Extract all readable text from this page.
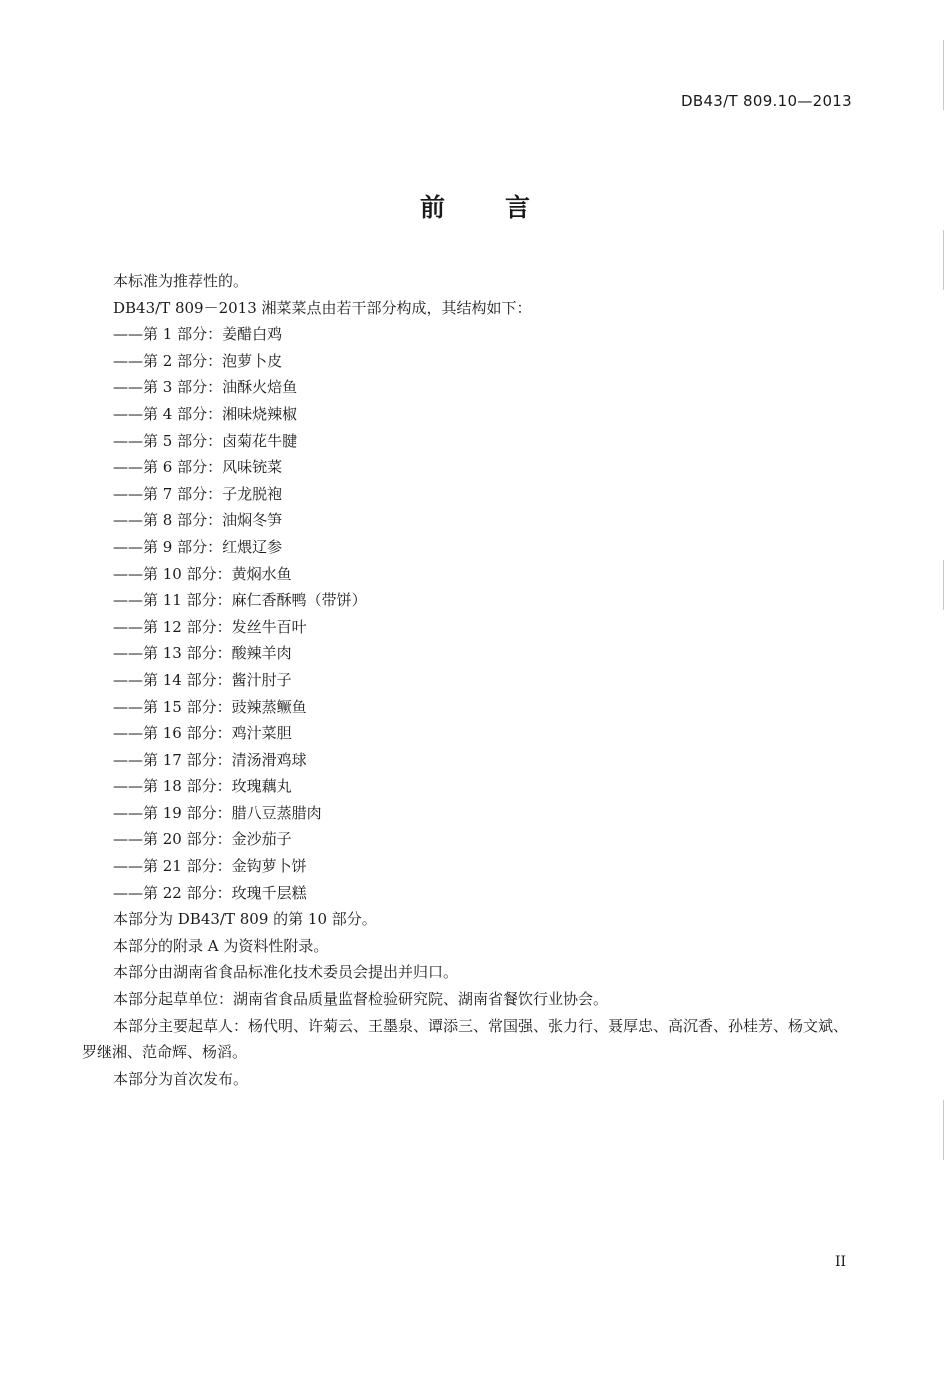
DB43/T 809.10—2013
前 言
本标准为推荐性的。
DB43/T 809－2013 湘菜菜点由若干部分构成，其结构如下：
——第 1 部分：姜醋白鸡
——第 2 部分：泡萝卜皮
——第 3 部分：油酥火焙鱼
——第 4 部分：湘味烧辣椒
——第 5 部分：卤菊花牛腱
——第 6 部分：风味铳菜
——第 7 部分：子龙脱袍
——第 8 部分：油焖冬笋
——第 9 部分：红煨辽参
——第 10 部分：黄焖水鱼
——第 11 部分：麻仁香酥鸭（带饼）
——第 12 部分：发丝牛百叶
——第 13 部分：酸辣羊肉
——第 14 部分：酱汁肘子
——第 15 部分：豉辣蒸鳜鱼
——第 16 部分：鸡汁菜胆
——第 17 部分：清汤滑鸡球
——第 18 部分：玫瑰藕丸
——第 19 部分：腊八豆蒸腊肉
——第 20 部分：金沙茄子
——第 21 部分：金钩萝卜饼
——第 22 部分：玫瑰千层糕
本部分为 DB43/T 809 的第 10 部分。
本部分的附录 A 为资料性附录。
本部分由湖南省食品标准化技术委员会提出并归口。
本部分起草单位：湖南省食品质量监督检验研究院、湖南省餐饮行业协会。
本部分主要起草人：杨代明、许菊云、王墨泉、谭添三、常国强、张力行、聂厚忠、高沉香、孙桂芳、杨文斌、罗继湘、范命辉、杨滔。
本部分为首次发布。
II
